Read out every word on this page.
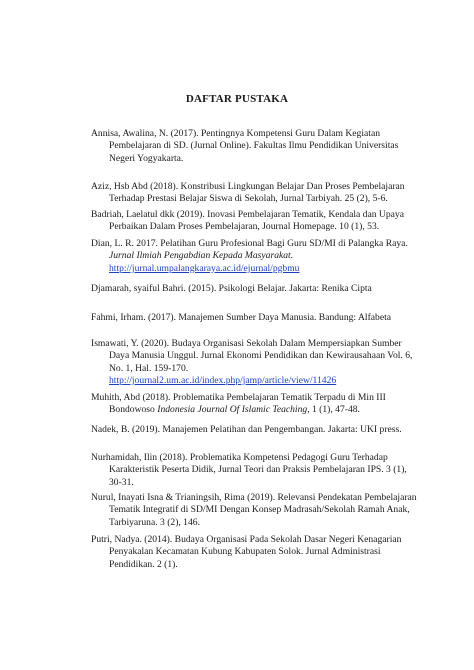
DAFTAR PUSTAKA

Annisa, Awalina, N. (2017). Pentingnya Kompetensi Guru Dalam Kegiatan Pembelajaran di SD. (Jurnal Online). Fakultas Ilmu Pendidikan Universitas Negeri Yogyakarta.

Aziz, Hsb Abd (2018). Konstribusi Lingkungan Belajar Dan Proses Pembelajaran Terhadap Prestasi Belajar Siswa di Sekolah, Jurnal Tarbiyah. 25 (2), 5-6.

Badriah, Laelatul dkk (2019). Inovasi Pembelajaran Tematik, Kendala dan Upaya Perbaikan Dalam Proses Pembelajaran, Journal Homepage. 10 (1), 53.

Dian, L. R. 2017. Pelatihan Guru Profesional Bagi Guru SD/MI di Palangka Raya. Jurnal Ilmiah Pengabdian Kepada Masyarakat.
http://jurnal.umpalangkaraya.ac.id/ejurnal/pgbmu

Djamarah, syaiful Bahri. (2015). Psikologi Belajar. Jakarta: Renika Cipta

Fahmi, Irham. (2017). Manajemen Sumber Daya Manusia. Bandung: Alfabeta

Ismawati, Y. (2020). Budaya Organisasi Sekolah Dalam Mempersiapkan Sumber Daya Manusia Unggul. Jurnal Ekonomi Pendidikan dan Kewirausahaan Vol. 6, No. 1, Hal. 159-170.
http://journal2.um.ac.id/index.php/jamp/article/view/11426

Muhith, Abd (2018). Problematika Pembelajaran Tematik Terpadu di Min III Bondowoso Indonesia Journal Of Islamic Teaching, 1 (1), 47-48.

Nadek, B. (2019). Manajemen Pelatihan dan Pengembangan. Jakarta: UKI press.

Nurhamidah, Ilin (2018). Problematika Kompetensi Pedagogi Guru Terhadap Karakteristik Peserta Didik, Jurnal Teori dan Praksis Pembelajaran IPS. 3 (1), 30-31.

Nurul, Inayati Isna & Trianingsih, Rima (2019). Relevansi Pendekatan Pembelajaran Tematik Integratif di SD/MI Dengan Konsep Madrasah/Sekolah Ramah Anak, Tarbiyaruna. 3 (2), 146.

Putri, Nadya. (2014). Budaya Organisasi Pada Sekolah Dasar Negeri Kenagarian Penyakalan Kecamatan Kubung Kabupaten Solok. Jurnal Administrasi Pendidikan. 2 (1).
